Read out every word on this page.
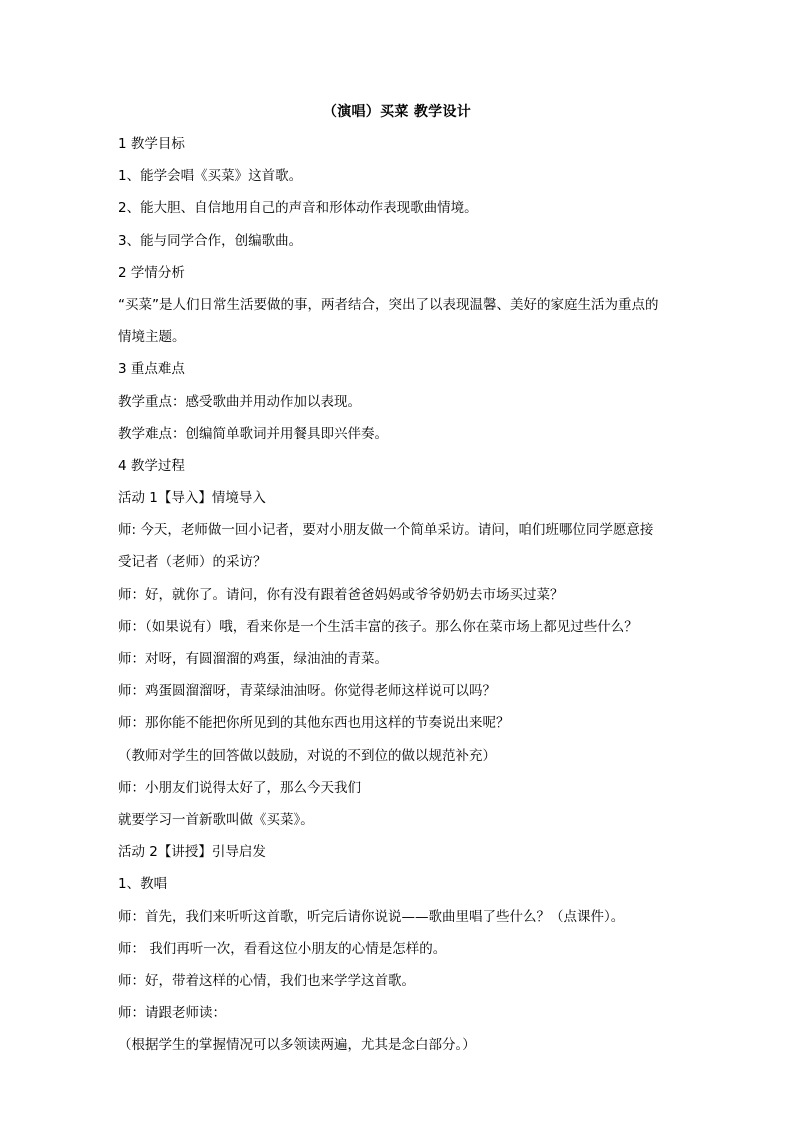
（演唱）买菜 教学设计
1 教学目标
1、能学会唱《买菜》这首歌。
2、能大胆、自信地用自己的声音和形体动作表现歌曲情境。
3、能与同学合作，创编歌曲。
2 学情分析
“买菜”是人们日常生活要做的事，两者结合，突出了以表现温馨、美好的家庭生活为重点的
情境主题。
3 重点难点
教学重点：感受歌曲并用动作加以表现。
教学难点：创编简单歌词并用餐具即兴伴奏。
4 教学过程
活动 1【导入】情境导入
师: 今天，老师做一回小记者，要对小朋友做一个简单采访。请问，咱们班哪位同学愿意接
受记者（老师）的采访？
师：好，就你了。请问，你有没有跟着爸爸妈妈或爷爷奶奶去市场买过菜？
师：（如果说有）哦，看来你是一个生活丰富的孩子。那么你在菜市场上都见过些什么？
师：对呀，有圆溜溜的鸡蛋，绿油油的青菜。
师：鸡蛋圆溜溜呀，青菜绿油油呀。你觉得老师这样说可以吗？
师：那你能不能把你所见到的其他东西也用这样的节奏说出来呢？
（教师对学生的回答做以鼓励，对说的不到位的做以规范补充）
师：小朋友们说得太好了，那么今天我们
就要学习一首新歌叫做《买菜》。
活动 2【讲授】引导启发
1、教唱
师：首先，我们来听听这首歌，听完后请你说说——歌曲里唱了些什么？（点课件）。
师： 我们再听一次，看看这位小朋友的心情是怎样的。
师：好，带着这样的心情，我们也来学学这首歌。
师：请跟老师读：
（根据学生的掌握情况可以多领读两遍，尤其是念白部分。）
